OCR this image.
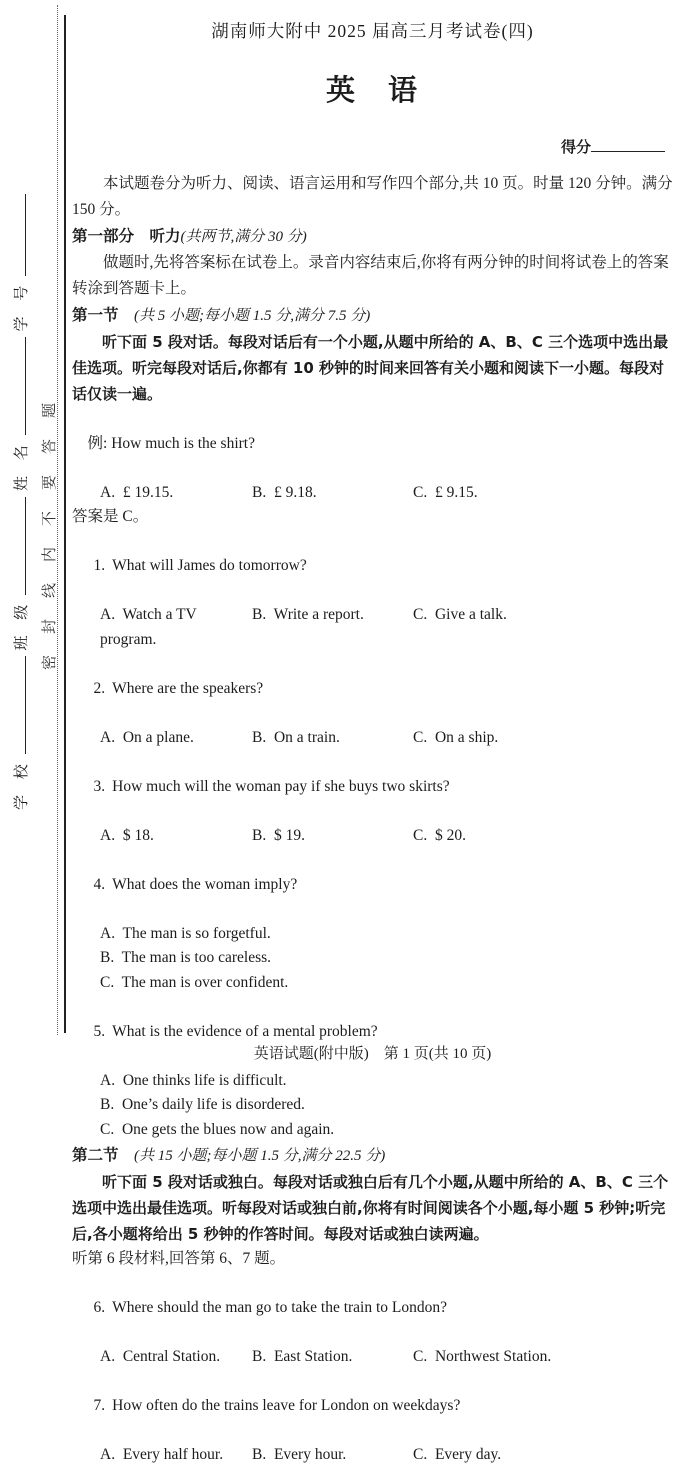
学 校 班 级 姓 名 学 号
密封线内不要答题
湖南师大附中 2025 届高三月考试卷(四)
英　语
得分

本试题卷分为听力、阅读、语言运用和写作四个部分,共 10 页。时量 120 分钟。满分 150 分。

第一部分　听力(共两节,满分 30 分)

做题时,先将答案标在试卷上。录音内容结束后,你将有两分钟的时间将试卷上的答案转涂到答题卡上。

第一节　 (共 5 小题;每小题 1.5 分,满分 7.5 分)

听下面 5 段对话。每段对话后有一个小题,从题中所给的 A、B、C 三个选项中选出最佳选项。听完每段对话后,你都有 10 秒钟的时间来回答有关小题和阅读下一小题。每段对话仅读一遍。

例: How much is the shirt?

A.  £ 19.15.	B.  £ 9.18.	C.  £ 9.15.
答案是 C。

1. What will James do tomorrow?

A.  Watch a TV program.
B.  Write a report.	C.  Give a talk.

2. Where are the speakers?

A.  On a plane.	B.  On a train.	C.  On a ship.

3. How much will the woman pay if she buys two skirts?

A.  $ 18.	B.  $ 19.	C.  $ 20.

4. What does the woman imply?

A.  The man is so forgetful.
B.  The man is too careless.
C.  The man is over confident.

5. What is the evidence of a mental problem?

A.  One thinks life is difficult.
B.  One’s daily life is disordered.
C.  One gets the blues now and again.
第二节　 (共 15 小题;每小题 1.5 分,满分 22.5 分)

听下面 5 段对话或独白。每段对话或独白后有几个小题,从题中所给的 A、B、C 三个选项中选出最佳选项。听每段对话或独白前,你将有时间阅读各个小题,每小题 5 秒钟;听完后,各小题将给出 5 秒钟的作答时间。每段对话或独白读两遍。

听第 6 段材料,回答第 6、7 题。

6. Where should the man go to take the train to London?

A.  Central Station.	B.  East Station.	C.  Northwest Station.

7. How often do the trains leave for London on weekdays?

A.  Every half hour.	B.  Every hour.	C.  Every day.
英语试题(附中版)　第 1 页(共 10 页)
